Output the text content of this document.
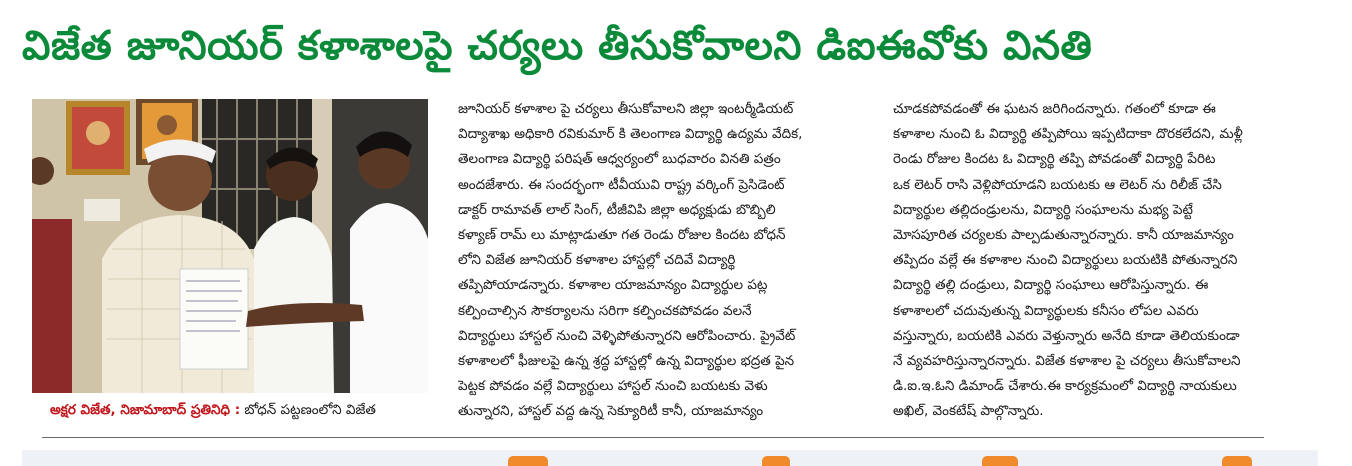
విజేత జూనియర్ కళాశాలపై చర్యలు తీసుకోవాలని డిఐఈవోకు వినతి
అక్షర విజేత, నిజామాబాద్ ప్రతినిధి : బోధన్ పట్టణంలోని విజేత
జూనియర్ కళాశాల పై చర్యలు తీసుకోవాలని జిల్లా ఇంటర్మీడియట్
విద్యాశాఖ అధికారి రవికుమార్ కి తెలంగాణ విద్యార్థి ఉద్యమ వేదిక,
తెలంగాణ విద్యార్థి పరిషత్ ఆధ్వర్యంలో బుధవారం వినతి పత్రం
అందజేశారు. ఈ సందర్భంగా టీవీయువి రాష్ట్ర వర్కింగ్ ప్రెసిడెంట్
డాక్టర్ రామావత్ లాల్ సింగ్, టీజీవిపి జిల్లా అధ్యక్షుడు బొబ్బిలి
కళ్యాణ్ రామ్ లు మాట్లాడుతూ గత రెండు రోజుల కిందట బోధన్
లోని విజేత జూనియర్ కళాశాల హాస్టల్లో చదివే విద్యార్థి
తప్పిపోయాడన్నారు. కళాశాల యాజమాన్యం విద్యార్థుల పట్ల
కల్పించాల్సిన సౌకర్యాలను సరిగా కల్పించకపోవడం వలనే
విద్యార్థులు హాస్టల్ నుంచి వెళ్ళిపోతున్నారని ఆరోపించారు. ప్రైవేట్
కళాశాలలో ఫీజులపై ఉన్న శ్రద్ధ హాస్టల్లో ఉన్న విద్యార్థుల భద్రత పైన
పెట్టక పోవడం వల్లే విద్యార్థులు హాస్టల్ నుంచి బయటకు వెళు
తున్నారని, హాస్టల్ వద్ద ఉన్న సెక్యూరిటీ కానీ, యాజమాన్యం
చూడకపోవడంతో ఈ ఘటన జరిగిందన్నారు. గతంలో కూడా ఈ
కళాశాల నుంచి ఓ విద్యార్థి తప్పిపోయి ఇప్పటిదాకా దొరకలేదని, మళ్లీ
రెండు రోజుల కిందట ఓ విద్యార్థి తప్పి పోవడంతో విద్యార్థి పేరిట
ఒక లెటర్ రాసి వెళ్లిపోయాడని బయటకు ఆ లెటర్ ను రిలీజ్ చేసి
విద్యార్థుల తల్లిదండ్రులను, విద్యార్థి సంఘాలను మభ్య పెట్టే
మోసపూరిత చర్యలకు పాల్పడుతున్నారన్నారు. కానీ యాజమాన్యం
తప్పిదం వల్లే ఈ కళాశాల నుంచి విద్యార్థులు బయటికి పోతున్నారని
విద్యార్థి తల్లి దండ్రులు, విద్యార్థి సంఘాలు ఆరోపిస్తున్నారు. ఈ
కళాశాలలో చదువుతున్న విద్యార్థులకు కనీసం లోపల ఎవరు
వస్తున్నారు, బయటికి ఎవరు వెళ్తున్నారు అనేది కూడా తెలియకుండా
నే వ్యవహరిస్తున్నారన్నారు. విజేత కళాశాల పై చర్యలు తీసుకోవాలని
డి.ఐ.ఇ.ఓని డిమాండ్ చేశారు.ఈ కార్యక్రమంలో విద్యార్థి నాయకులు
అఖిల్, వెంకటేష్ పాల్గొన్నారు.
